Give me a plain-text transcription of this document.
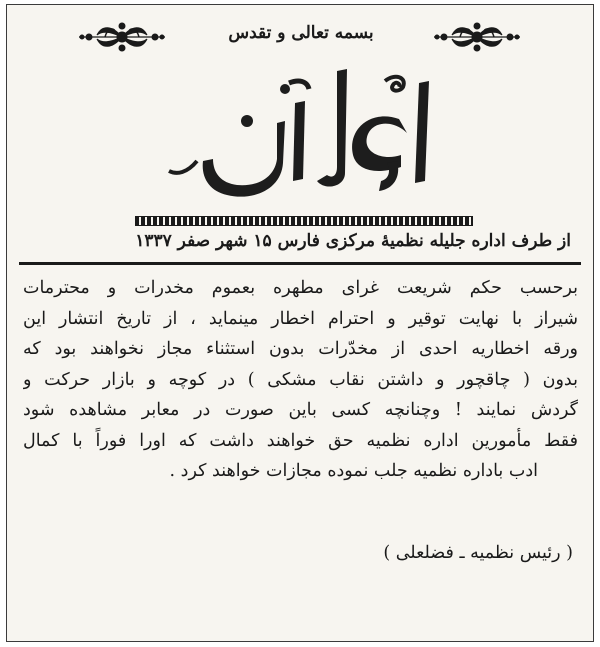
بسمه تعالی و تقدس
از طرف اداره جلیله نظمیهٔ مرکزی فارس ۱۵ شهر صفر ۱۳۳۷
برحسب حکم شریعت غرای مطهره بعموم مخدرات و محترمات
شیراز با نهایت توقیر و احترام اخطار مینماید ، از تاریخ انتشار این
ورقه اخطاریه احدی از مخدّرات بدون استثناء مجاز نخواهند بود که
بدون ( چاقچور و داشتن نقاب مشکی ) در کوچه و بازار حرکت و
گردش نمایند ! وچنانچه کسی باین صورت در معابر مشاهده شود
فقط مأمورین اداره نظمیه حق خواهند داشت که اورا فوراً با کمال
ادب باداره نظمیه جلب نموده مجازات خواهند کرد .
( رئیس نظمیه ـ فضلعلی )
